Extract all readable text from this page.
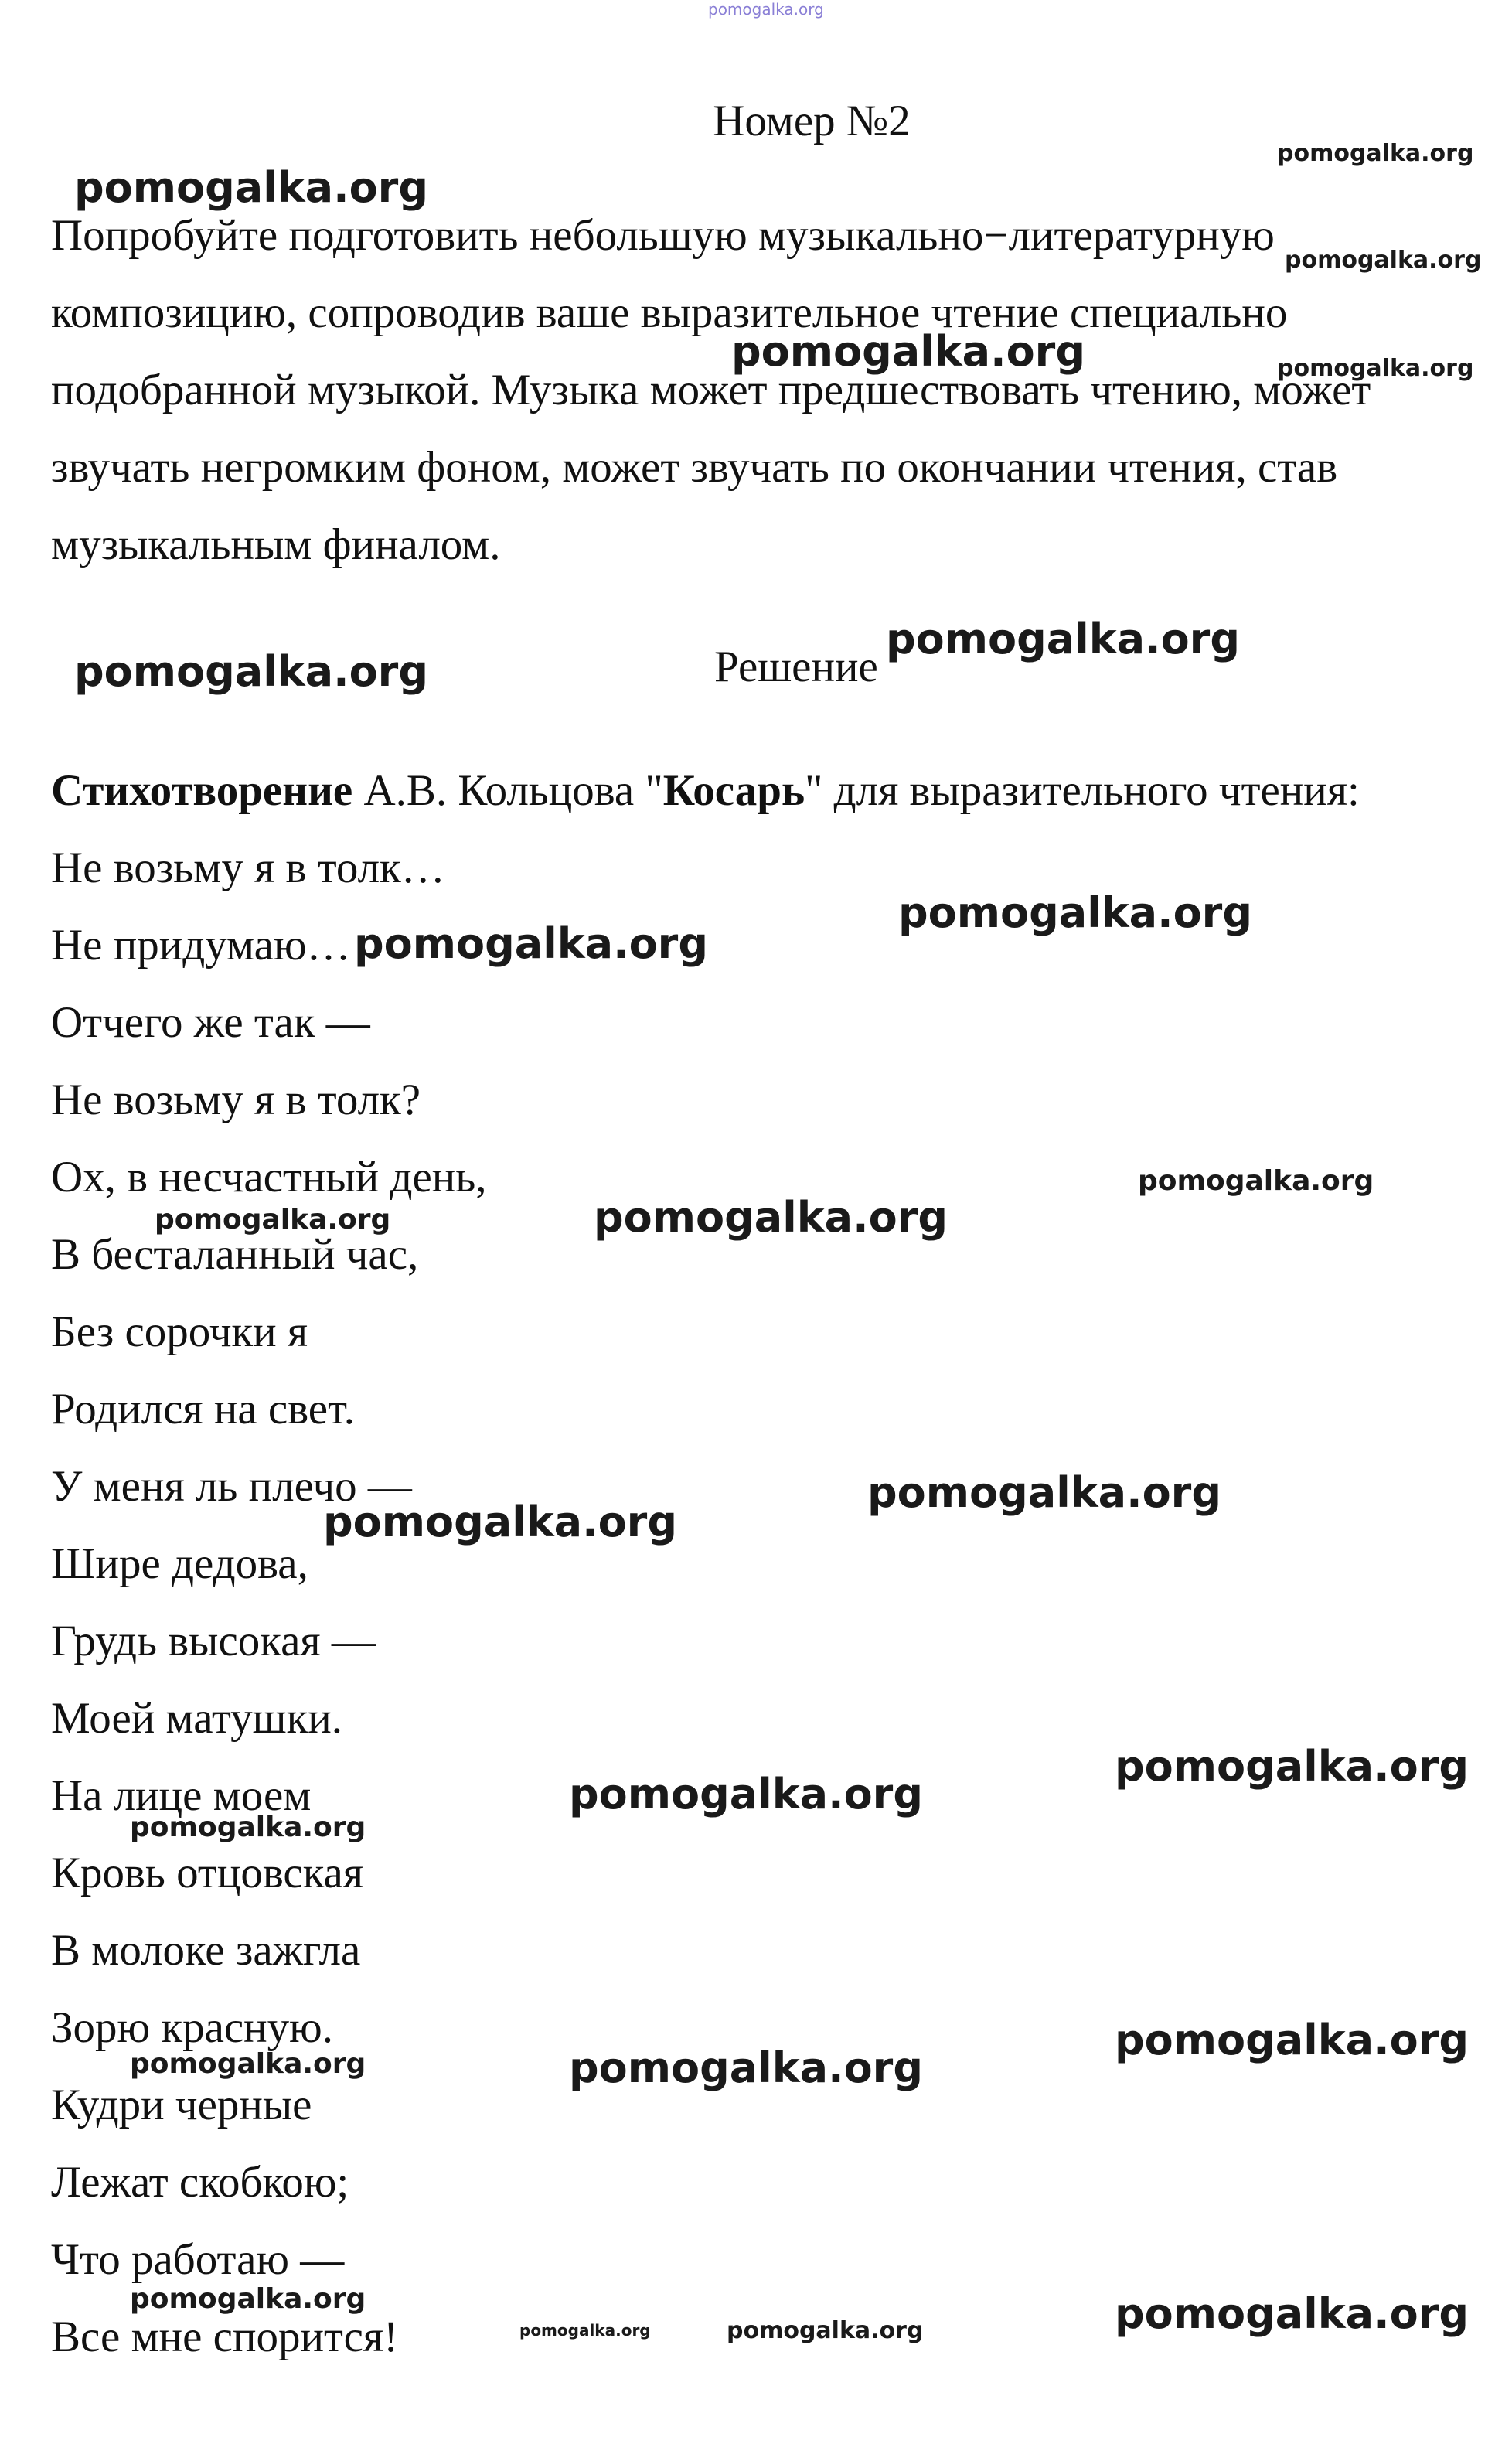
pomogalka.org
Номер №2
Попробуйте подготовить небольшую музыкально−литературную
композицию, сопроводив ваше выразительное чтение специально
подобранной музыкой. Музыка может предшествовать чтению, может
звучать негромким фоном, может звучать по окончании чтения, став
музыкальным финалом.
Решение
Стихотворение А.В. Кольцова "Косарь" для выразительного чтения:
Не возьму я в толк…
Не придумаю…
Отчего же так —
Не возьму я в толк?
Ох, в несчастный день,
В бесталанный час,
Без сорочки я
Родился на свет.
У меня ль плечо —
Шире дедова,
Грудь высокая —
Моей матушки.
На лице моем
Кровь отцовская
В молоке зажгла
Зорю красную.
Кудри черные
Лежат скобкою;
Что работаю —
Все мне спорится!
pomogalka.org
pomogalka.org
pomogalka.org
pomogalka.org	pomogalka.org
pomogalka.org
pomogalka.org
pomogalka.org
pomogalka.org
pomogalka.org
pomogalka.org	pomogalka.org
pomogalka.org
pomogalka.org
pomogalka.org
pomogalka.org
pomogalka.org
pomogalka.org
pomogalka.org	pomogalka.org
pomogalka.org	pomogalka.org
pomogalka.org	pomogalka.org
